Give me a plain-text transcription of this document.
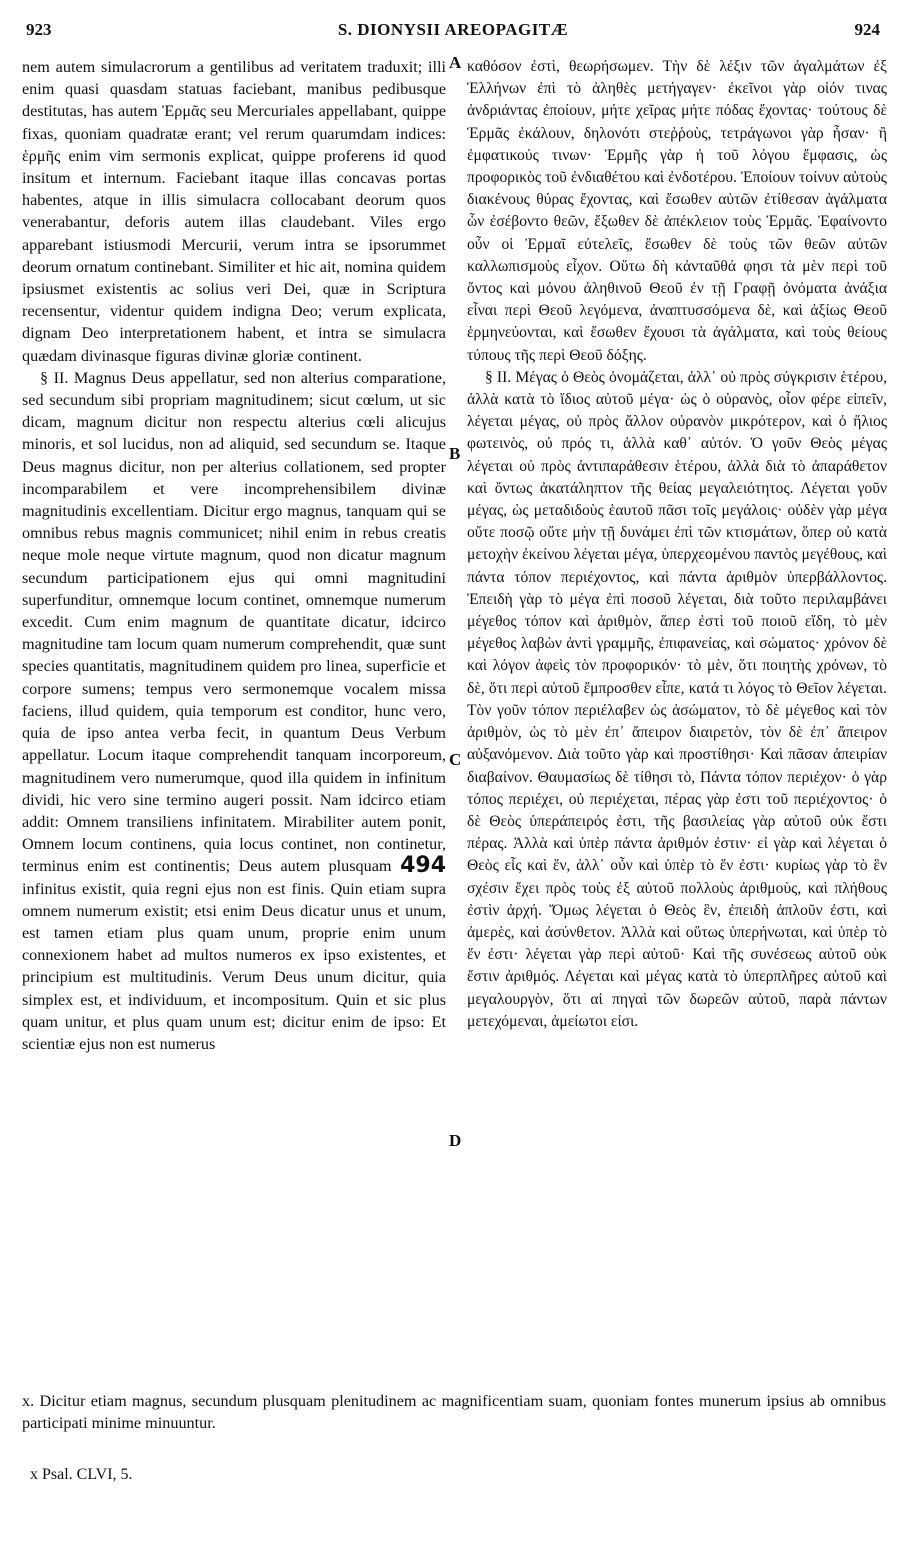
923	S. DIONYSII AREOPAGITÆ	924

nem autem simulacrorum a gentilibus ad veritatem traduxit; illi enim quasi quasdam statuas faciebant, manibus pedibusque destitutas, has autem Ἑρμᾶς seu Mercuriales appellabant, quippe fixas, quoniam quadratæ erant; vel rerum quarumdam indices: ἑρμῆς enim vim sermonis explicat, quippe proferens id quod insitum et internum. Faciebant itaque illas concavas portas habentes, atque in illis simulacra collocabant deorum quos venerabantur, deforis autem illas claudebant. Viles ergo apparebant istiusmodi Mercurii, verum intra se ipsorummet deorum ornatum continebant. Similiter et hic ait, nomina quidem ipsiusmet existentis ac solius veri Dei, quæ in Scriptura recensentur, videntur quidem indigna Deo; verum explicata, dignam Deo interpretationem habent, et intra se simulacra quædam divinasque figuras divinæ gloriæ continent.

§ II. Magnus Deus appellatur, sed non alterius comparatione, sed secundum sibi propriam magnitudinem; sicut cœlum, ut sic dicam, magnum dicitur non respectu alterius cœli alicujus minoris, et sol lucidus, non ad aliquid, sed secundum se. Itaque Deus magnus dicitur, non per alterius collationem, sed propter incomparabilem et vere incomprehensibilem divinæ magnitudinis excellentiam. Dicitur ergo magnus, tanquam qui se omnibus rebus magnis communicet; nihil enim in rebus creatis neque mole neque virtute magnum, quod non dicatur magnum secundum participationem ejus qui omni magnitudini superfunditur, omnemque locum continet, omnemque numerum excedit. Cum enim magnum de quantitate dicatur, idcirco magnitudine tam locum quam numerum comprehendit, quæ sunt species quantitatis, magnitudinem quidem pro linea, superficie et corpore sumens; tempus vero sermonemque vocalem missa faciens, illud quidem, quia temporum est conditor, hunc vero, quia de ipso antea verba fecit, in quantum Deus Verbum appellatur. Locum itaque comprehendit tanquam incorporeum, magnitudinem vero numerumque, quod illa quidem in infinitum dividi, hic vero sine termino augeri possit. Nam idcirco etiam addit: Omnem transiliens infinitatem. Mirabiliter autem ponit, Omnem locum continens, quia locus continet, non continetur, terminus enim est continentis; Deus autem plusquam 494 infinitus existit, quia regni ejus non est finis. Quin etiam supra omnem numerum existit; etsi enim Deus dicatur unus et unum, est tamen etiam plus quam unum, proprie enim unum connexionem habet ad multos numeros ex ipso existentes, et principium est multitudinis. Verum Deus unum dicitur, quia simplex est, et individuum, et incompositum. Quin et sic plus quam unitur, et plus quam unum est; dicitur enim de ipso: Et scientiæ ejus non est numerus

A
B
C
D

καθόσον ἐστὶ, θεωρήσωμεν. Τὴν δὲ λέξιν τῶν ἀγαλμάτων ἐξ Ἑλλήνων ἐπὶ τὸ ἀληθὲς μετήγαγεν· ἐκεῖνοι γὰρ οἱόν τινας ἀνδριάντας ἐποίουν, μήτε χεῖρας μήτε πόδας ἔχοντας· τούτους δὲ Ἑρμᾶς ἐκάλουν, δηλονότι στεῤῥοὺς, τετράγωνοι γὰρ ἦσαν· ἢ ἐμφατικούς τινων· Ἑρμῆς γὰρ ἡ τοῦ λόγου ἔμφασις, ὡς προφορικὸς τοῦ ἐνδιαθέτου καὶ ἐνδοτέρου. Ἐποίουν τοίνυν αὐτοὺς διακένους θύρας ἔχοντας, καὶ ἔσωθεν αὐτῶν ἐτίθεσαν ἀγάλματα ὧν ἐσέβοντο θεῶν, ἔξωθεν δὲ ἀπέκλειον τοὺς Ἑρμᾶς. Ἐφαίνοντο οὖν οἱ Ἑρμαῖ εὐτελεῖς, ἔσωθεν δὲ τοὺς τῶν θεῶν αὐτῶν καλλωπισμοὺς εἶχον. Οὕτω δὴ κἀνταῦθά φησι τὰ μὲν περὶ τοῦ ὄντος καὶ μόνου ἀληθινοῦ Θεοῦ ἐν τῇ Γραφῇ ὀνόματα ἀνάξια εἶναι περὶ Θεοῦ λεγόμενα, ἀναπτυσσόμενα δὲ, καὶ ἀξίως Θεοῦ ἑρμηνεύονται, καὶ ἔσωθεν ἔχουσι τὰ ἀγάλματα, καὶ τοὺς θείους τύπους τῆς περὶ Θεοῦ δόξης.

§ II. Μέγας ὁ Θεὸς ὀνομάζεται, ἀλλ᾽ οὐ πρὸς σύγκρισιν ἑτέρου, ἀλλὰ κατὰ τὸ ἴδιος αὐτοῦ μέγα· ὡς ὁ οὐρανὸς, οἷον φέρε εἰπεῖν, λέγεται μέγας, οὐ πρὸς ἄλλον οὐρανὸν μικρότερον, καὶ ὁ ἥλιος φωτεινὸς, οὐ πρός τι, ἀλλὰ καθ᾽ αὐτόν. Ὁ γοῦν Θεὸς μέγας λέγεται οὐ πρὸς ἀντιπαράθεσιν ἑτέρου, ἀλλὰ διὰ τὸ ἀπαράθετον καὶ ὄντως ἀκατάληπτον τῆς θείας μεγαλειότητος. Λέγεται γοῦν μέγας, ὡς μεταδιδοὺς ἑαυτοῦ πᾶσι τοῖς μεγάλοις· οὐδὲν γὰρ μέγα οὔτε ποσῷ οὔτε μὴν τῇ δυνάμει ἐπὶ τῶν κτισμάτων, ὅπερ οὐ κατὰ μετοχὴν ἐκείνου λέγεται μέγα, ὑπερχεομένου παντὸς μεγέθους, καὶ πάντα τόπον περιέχοντος, καὶ πάντα ἀριθμὸν ὑπερβάλλοντος. Ἐπειδὴ γὰρ τὸ μέγα ἐπὶ ποσοῦ λέγεται, διὰ τοῦτο περιλαμβάνει μέγεθος τόπον καὶ ἀριθμὸν, ἅπερ ἐστὶ τοῦ ποιοῦ εἴδη, τὸ μὲν μέγεθος λαβὼν ἀντὶ γραμμῆς, ἐπιφανείας, καὶ σώματος· χρόνον δὲ καὶ λόγον ἀφεὶς τὸν προφορικόν· τὸ μὲν, ὅτι ποιητὴς χρόνων, τὸ δὲ, ὅτι περὶ αὐτοῦ ἔμπροσθεν εἶπε, κατά τι λόγος τὸ Θεῖον λέγεται. Τὸν γοῦν τόπον περιέλαβεν ὡς ἀσώματον, τὸ δὲ μέγεθος καὶ τὸν ἀριθμὸν, ὡς τὸ μὲν ἐπ᾽ ἄπειρον διαιρετὸν, τὸν δὲ ἐπ᾽ ἄπειρον αὐξανόμενον. Διὰ τοῦτο γὰρ καὶ προστίθησι· Καὶ πᾶσαν ἀπειρίαν διαβαίνον. Θαυμασίως δὲ τίθησι τὸ, Πάντα τόπον περιέχον· ὁ γὰρ τόπος περιέχει, οὐ περιέχεται, πέρας γὰρ ἐστι τοῦ περιέχοντος· ὁ δὲ Θεὸς ὑπεράπειρός ἐστι, τῆς βασιλείας γὰρ αὐτοῦ οὐκ ἔστι πέρας. Ἀλλὰ καὶ ὑπὲρ πάντα ἀριθμόν ἐστιν· εἰ γὰρ καὶ λέγεται ὁ Θεὸς εἷς καὶ ἕν, ἀλλ᾽ οὖν καὶ ὑπὲρ τὸ ἕν ἐστι· κυρίως γὰρ τὸ ἓν σχέσιν ἔχει πρὸς τοὺς ἐξ αὐτοῦ πολλοὺς ἀριθμοὺς, καὶ πλήθους ἐστὶν ἀρχή. Ὅμως λέγεται ὁ Θεὸς ἓν, ἐπειδὴ ἁπλοῦν ἐστι, καὶ ἀμερὲς, καὶ ἀσύνθετον. Ἀλλὰ καὶ οὕτως ὑπερήνωται, καὶ ὑπὲρ τὸ ἕν ἐστι· λέγεται γὰρ περὶ αὐτοῦ· Καὶ τῆς συνέσεως αὐτοῦ οὐκ ἔστιν ἀριθμός. Λέγεται καὶ μέγας κατὰ τὸ ὑπερπλῆρες αὐτοῦ καὶ μεγαλουργὸν, ὅτι αἱ πηγαὶ τῶν δωρεῶν αὐτοῦ, παρὰ πάντων μετεχόμεναι, ἀμείωτοι εἰσι.

x. Dicitur etiam magnus, secundum plusquam plenitudinem ac magnificentiam suam, quoniam fontes munerum ipsius ab omnibus participati minime minuuntur.
x Psal. CLVI, 5.
